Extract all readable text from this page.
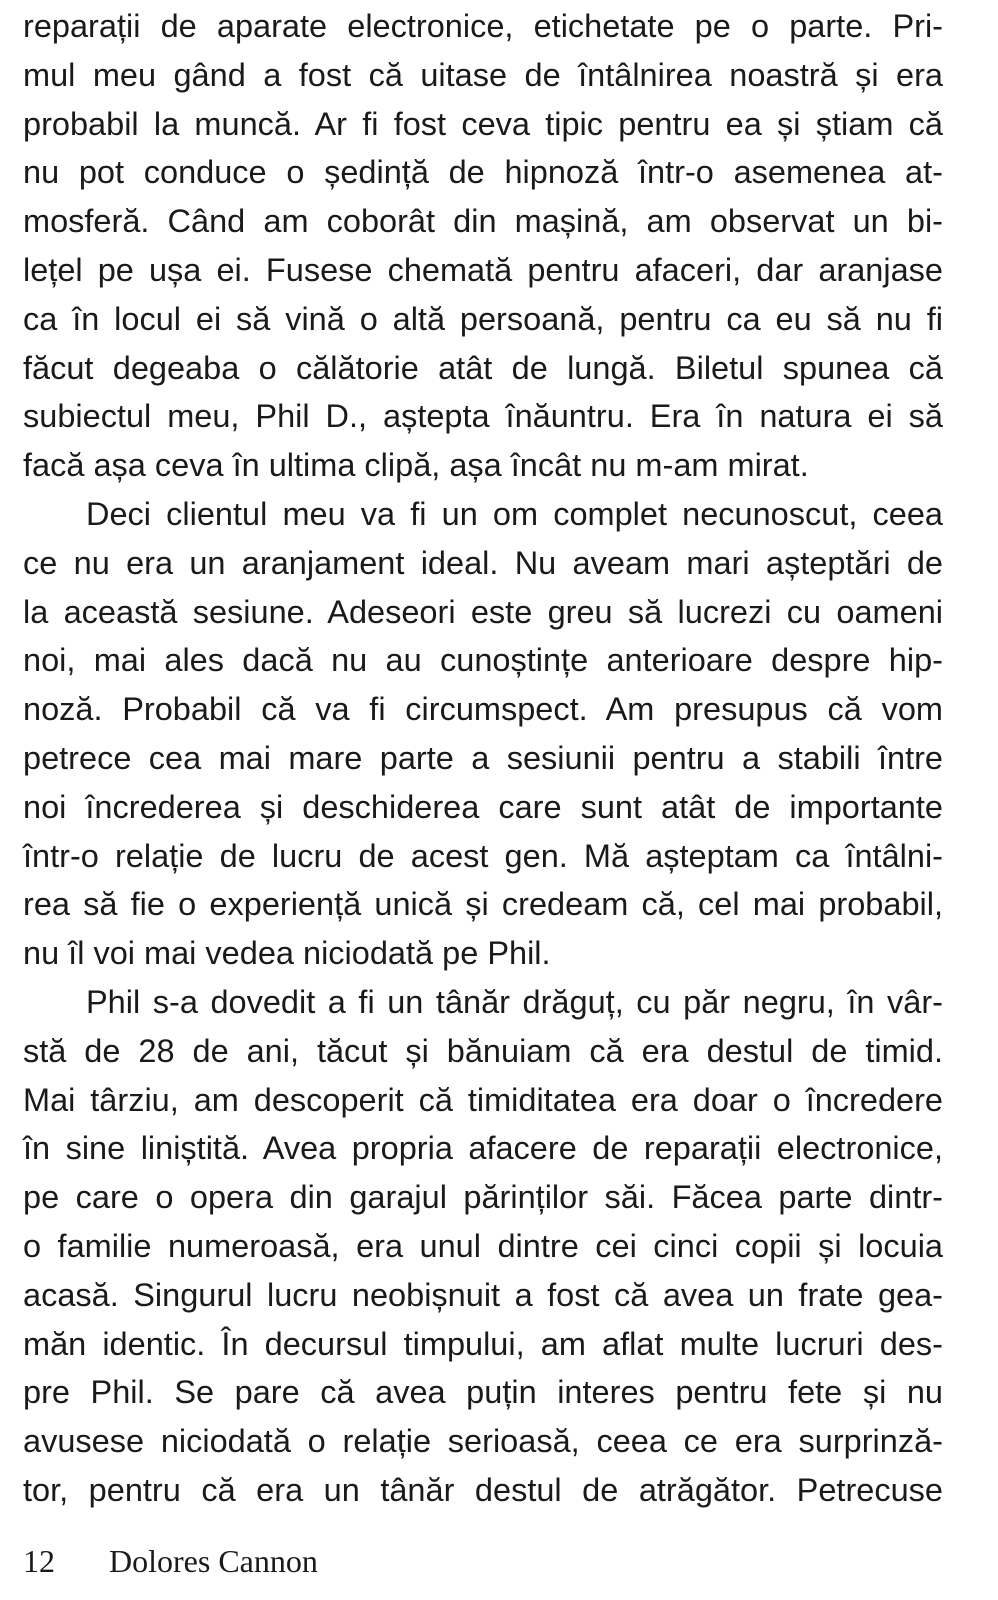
reparații de aparate electronice, etichetate pe o parte. Pri-
mul meu gând a fost că uitase de întâlnirea noastră și era
probabil la muncă. Ar fi fost ceva tipic pentru ea și știam că
nu pot conduce o ședință de hipnoză într-o asemenea at-
mosferă. Când am coborât din mașină, am observat un bi-
lețel pe ușa ei. Fusese chemată pentru afaceri, dar aranjase
ca în locul ei să vină o altă persoană, pentru ca eu să nu fi
făcut degeaba o călătorie atât de lungă. Biletul spunea că
subiectul meu, Phil D., aștepta înăuntru. Era în natura ei să
facă așa ceva în ultima clipă, așa încât nu m-am mirat.
Deci clientul meu va fi un om complet necunoscut, ceea
ce nu era un aranjament ideal. Nu aveam mari așteptări de
la această sesiune. Adeseori este greu să lucrezi cu oameni
noi, mai ales dacă nu au cunoștințe anterioare despre hip-
noză. Probabil că va fi circumspect. Am presupus că vom
petrece cea mai mare parte a sesiunii pentru a stabili între
noi încrederea și deschiderea care sunt atât de importante
într-o relație de lucru de acest gen. Mă așteptam ca întâlni-
rea să fie o experiență unică și credeam că, cel mai probabil,
nu îl voi mai vedea niciodată pe Phil.
Phil s-a dovedit a fi un tânăr drăguț, cu păr negru, în vâr-
stă de 28 de ani, tăcut și bănuiam că era destul de timid.
Mai târziu, am descoperit că timiditatea era doar o încredere
în sine liniștită. Avea propria afacere de reparații electronice,
pe care o opera din garajul părinților săi. Făcea parte dintr-
o familie numeroasă, era unul dintre cei cinci copii și locuia
acasă. Singurul lucru neobișnuit a fost că avea un frate gea-
măn identic. În decursul timpului, am aflat multe lucruri des-
pre Phil. Se pare că avea puțin interes pentru fete și nu
avusese niciodată o relație serioasă, ceea ce era surprinză-
tor, pentru că era un tânăr destul de atrăgător. Petrecuse
12 Dolores Cannon
